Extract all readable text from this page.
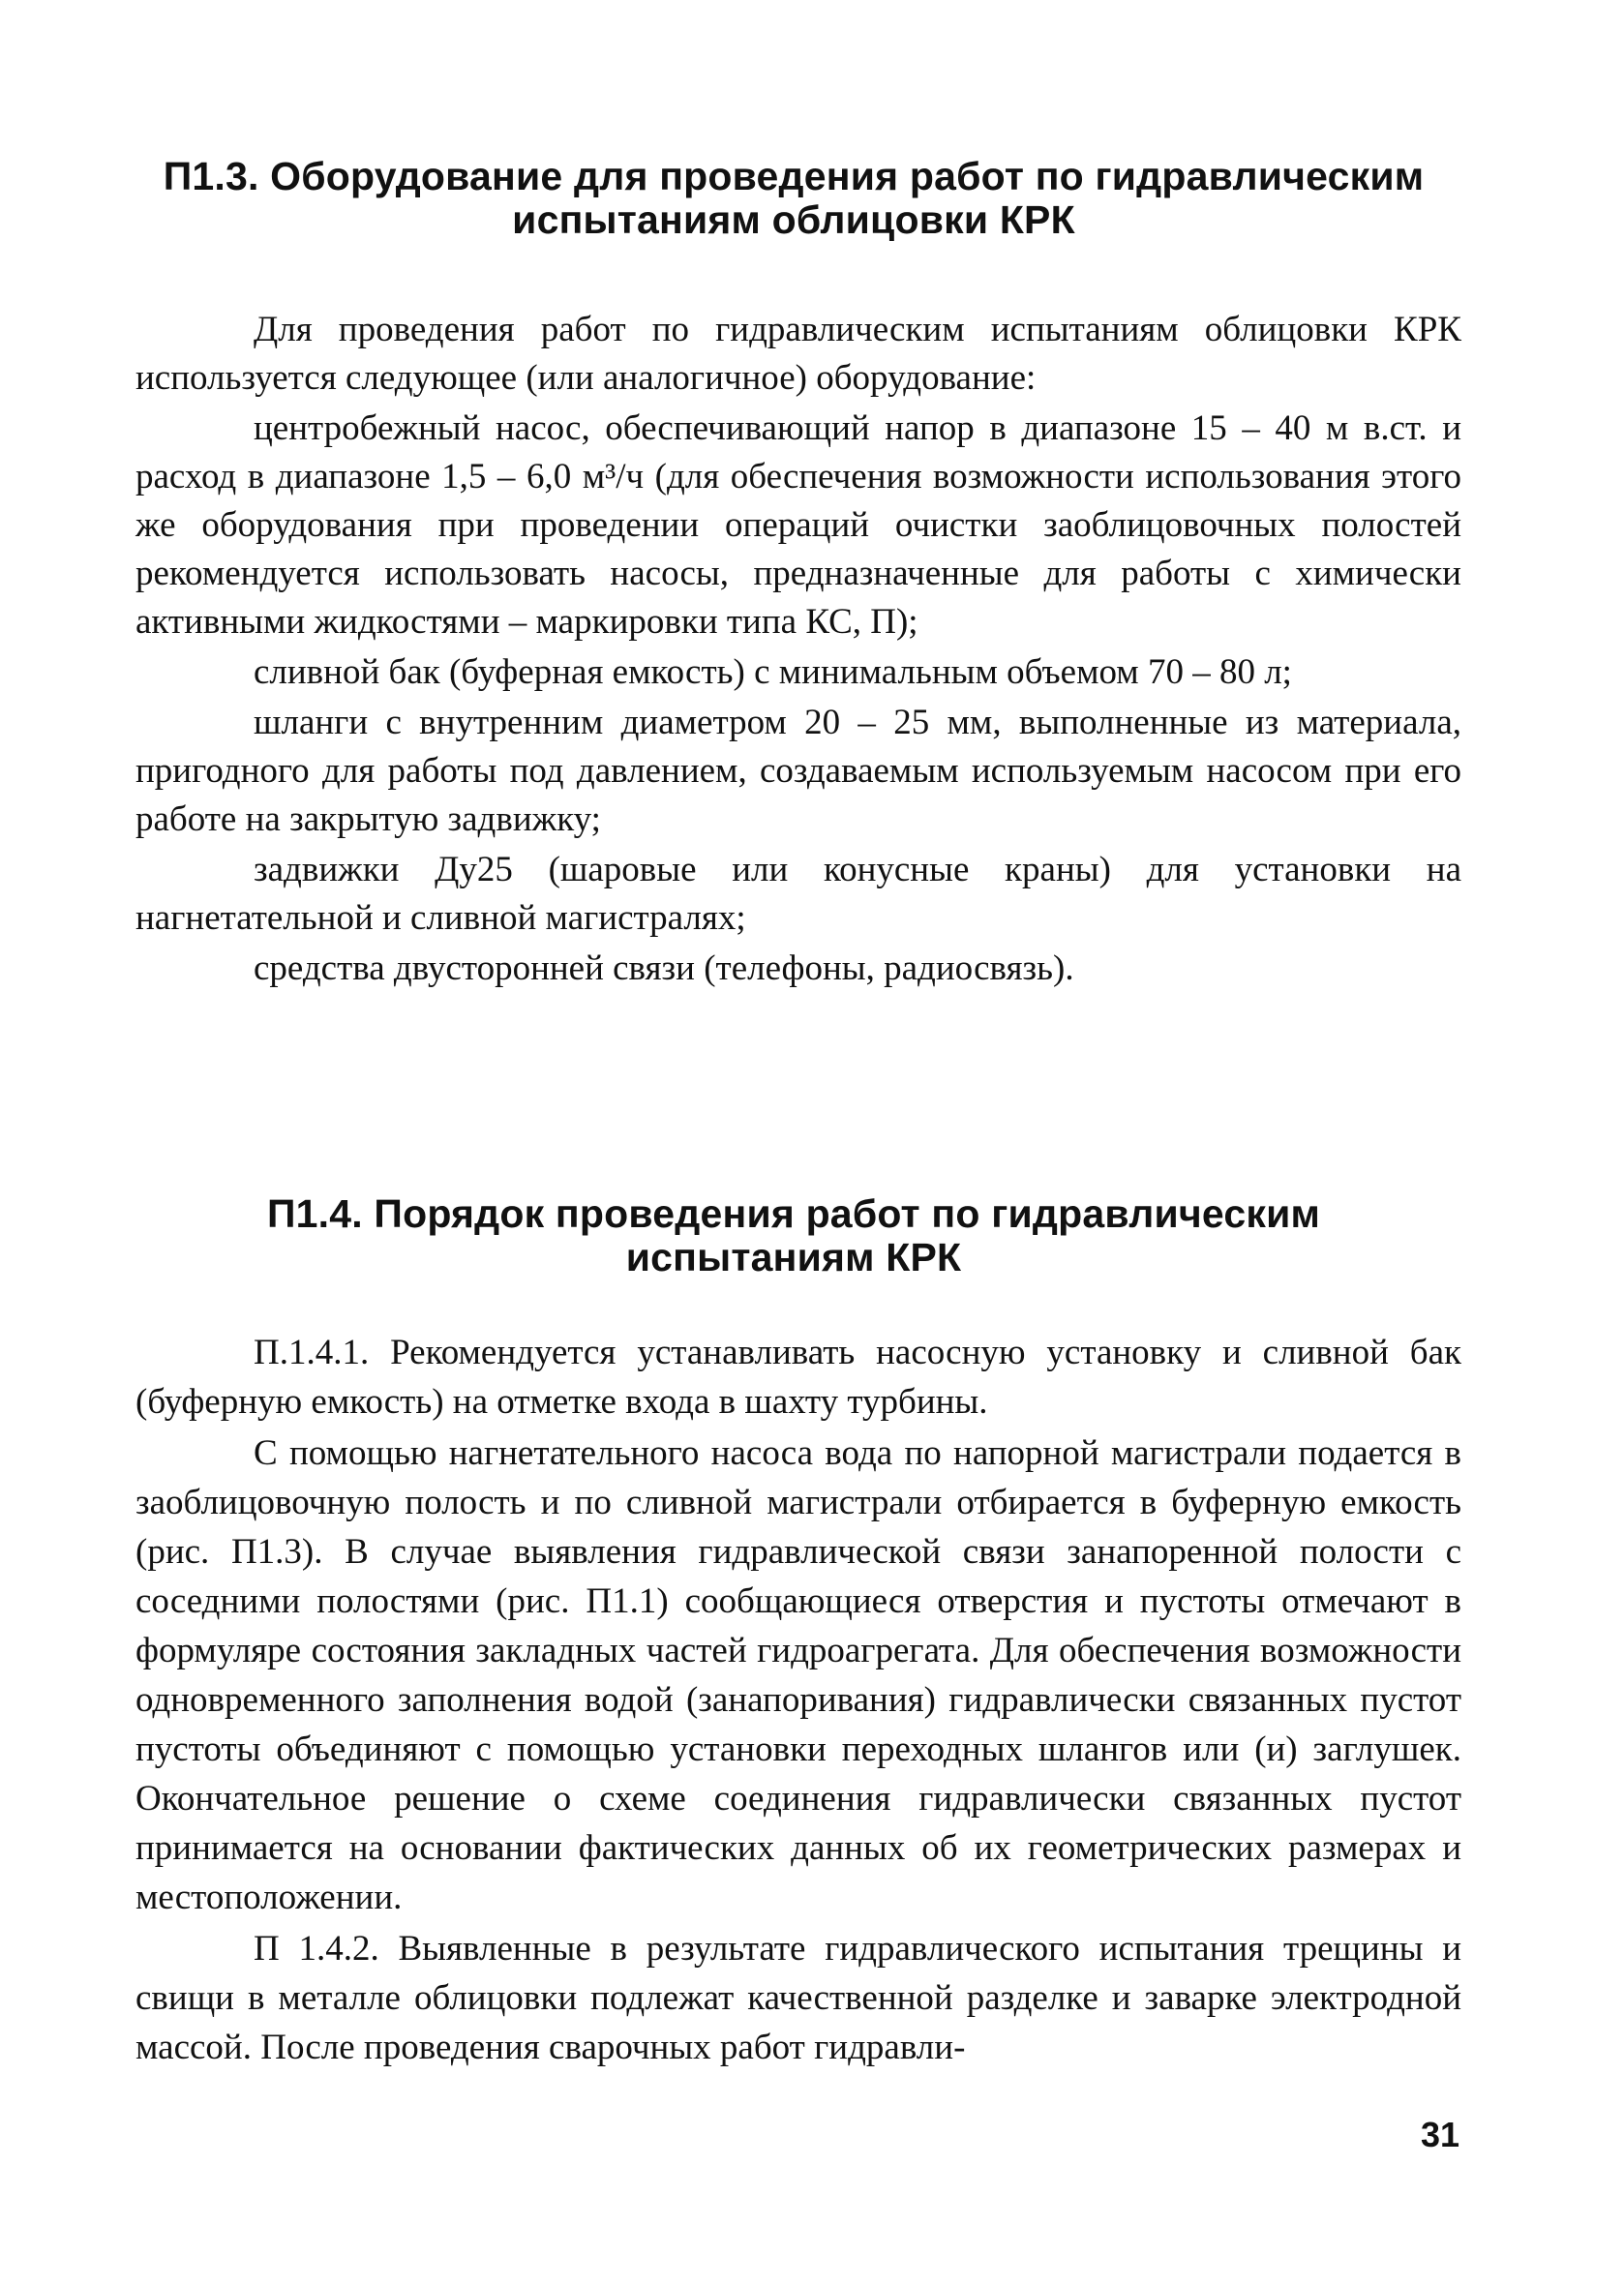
П1.3. Оборудование для проведения работ по гидравлическим
испытаниям облицовки КРК

Для проведения работ по гидравлическим испытаниям облицовки КРК используется следующее (или аналогичное) оборудование:

центробежный насос, обеспечивающий напор в диапазоне 15 – 40 м в.ст. и расход в диапазоне 1,5 – 6,0 м³/ч (для обеспечения возможности использования этого же оборудования при проведении операций очистки заоблицовочных полостей рекомендуется использовать насосы, предназначенные для работы с химически активными жидкостями – маркировки типа КС, П);

сливной бак (буферная емкость) с минимальным объемом 70 – 80 л;

шланги с внутренним диаметром 20 – 25 мм, выполненные из материала, пригодного для работы под давлением, создаваемым используемым насосом при его работе на закрытую задвижку;

задвижки Ду25 (шаровые или конусные краны) для установки на нагнетательной и сливной магистралях;

средства двусторонней связи (телефоны, радиосвязь).

П1.4. Порядок проведения работ по гидравлическим
испытаниям КРК

П.1.4.1. Рекомендуется устанавливать насосную установку и сливной бак (буферную емкость) на отметке входа в шахту турбины.

С помощью нагнетательного насоса вода по напорной магистрали подается в заоблицовочную полость и по сливной магистрали отбирается в буферную емкость (рис. П1.3). В случае выявления гидравлической связи занапоренной полости с соседними полостями (рис. П1.1) сообщающиеся отверстия и пустоты отмечают в формуляре состояния закладных частей гидроагрегата. Для обеспечения возможности одновременного заполнения водой (занапоривания) гидравлически связанных пустот пустоты объединяют с помощью установки переходных шлангов или (и) заглушек. Окончательное решение о схеме соединения гидравлически связанных пустот принимается на основании фактических данных об их геометрических размерах и местоположении.

П 1.4.2. Выявленные в результате гидравлического испытания трещины и свищи в металле облицовки подлежат качественной разделке и заварке электродной массой. После проведения сварочных работ гидравли-

31
